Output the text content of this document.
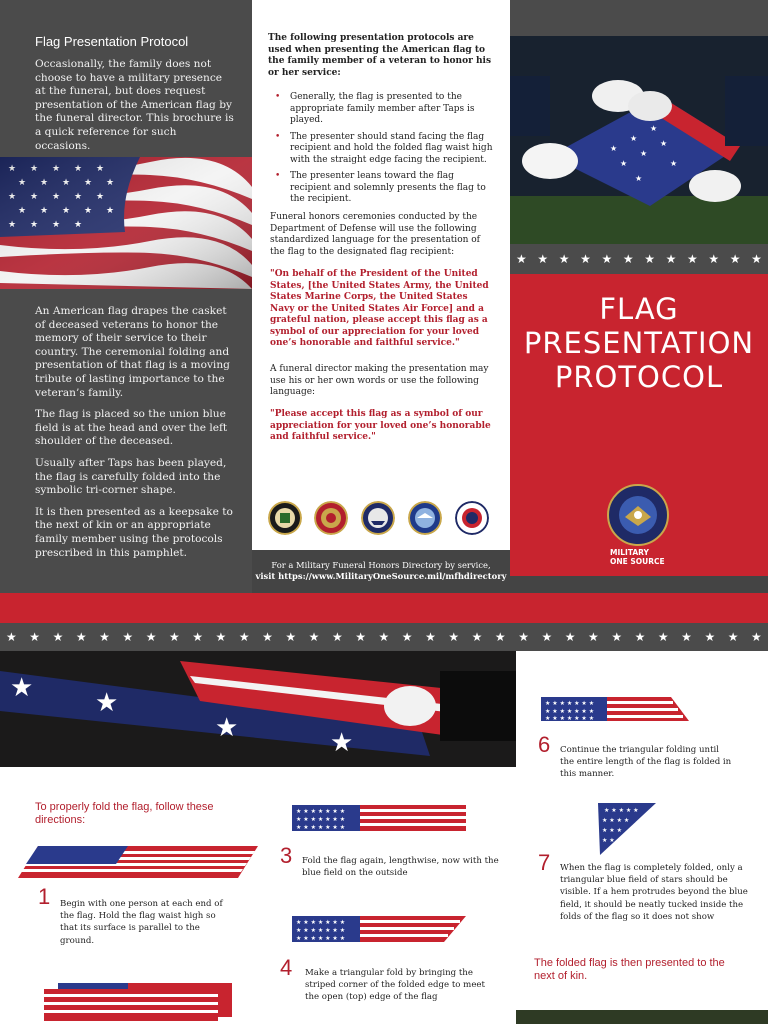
Flag Presentation Protocol
Occasionally, the family does not choose to have a military presence at the funeral, but does request presentation of the American flag by the funeral director. This brochure is a quick reference for such occasions.

An American flag drapes the casket of deceased veterans to honor the memory of their service to their country. The ceremonial folding and presentation of that flag is a moving tribute of lasting importance to the veteran’s family.

The flag is placed so the union blue field is at the head and over the left shoulder of the deceased.

Usually after Taps has been played, the flag is carefully folded into the symbolic tri-corner shape.

It is then presented as a keepsake to the next of kin or an appropriate family member using the protocols prescribed in this pamphlet.

The following presentation protocols are used when presenting the American flag to the family member of a veteran to honor his or her service:
• Generally, the flag is presented to the appropriate family member after Taps is played.
• The presenter should stand facing the flag recipient and hold the folded flag waist high with the straight edge facing the recipient.
• The presenter leans toward the flag recipient and solemnly presents the flag to the recipient.
Funeral honors ceremonies conducted by the Department of Defense will use the following standardized language for the presentation of the flag to the designated flag recipient:
"On behalf of the President of the United States, [the United States Army, the United States Marine Corps, the United States Navy or the United States Air Force] and a grateful nation, please accept this flag as a symbol of our appreciation for your loved one’s honorable and faithful service."
A funeral director making the presentation may use his or her own words or use the following language:
"Please accept this flag as a symbol of our appreciation for your loved one’s honorable and faithful service."
For a Military Funeral Honors Directory by service,
visit https://www.MilitaryOneSource.mil/mfhdirectory
★
★
★
★
★
★
★
★
★ ★ ★ ★ ★ ★ ★ ★ ★ ★ ★ ★
FLAG
PRESENTATION
PROTOCOL
MILITARY
ONE SOURCE
★ ★ ★ ★ ★ ★ ★ ★ ★ ★ ★ ★ ★ ★ ★ ★ ★ ★ ★ ★ ★ ★ ★ ★ ★ ★ ★ ★ ★ ★ ★ ★ ★
★ ★
★	★
To properly fold the flag, follow these directions:
★ ★ ★ ★ ★ ★ ★
★ ★ ★ ★ ★ ★ ★
★ ★ ★ ★ ★ ★ ★
★ ★ ★ ★ ★ ★ ★
★ ★ ★ ★ ★ ★ ★
★ ★ ★ ★ ★ ★ ★
★ ★ ★ ★ ★ ★ ★
★ ★ ★ ★ ★ ★ ★
★ ★ ★ ★ ★ ★ ★
★ ★ ★ ★ ★
★ ★ ★ ★
★ ★ ★
★ ★
1 Begin with one person at each end of the flag. Hold the flag waist high so that its surface is parallel to the ground.
3 Fold the flag again, lengthwise, now with the blue field on the outside
4 Make a triangular fold by bringing the striped corner of the folded edge to meet the open (top) edge of the flag
6 Continue the triangular folding until the entire length of the flag is folded in this manner.
7 When the flag is completely folded, only a triangular blue field of stars should be visible. If a hem protrudes beyond the blue field, it should be neatly tucked inside the folds of the flag so it does not show
The folded flag is then presented to the next of kin.
